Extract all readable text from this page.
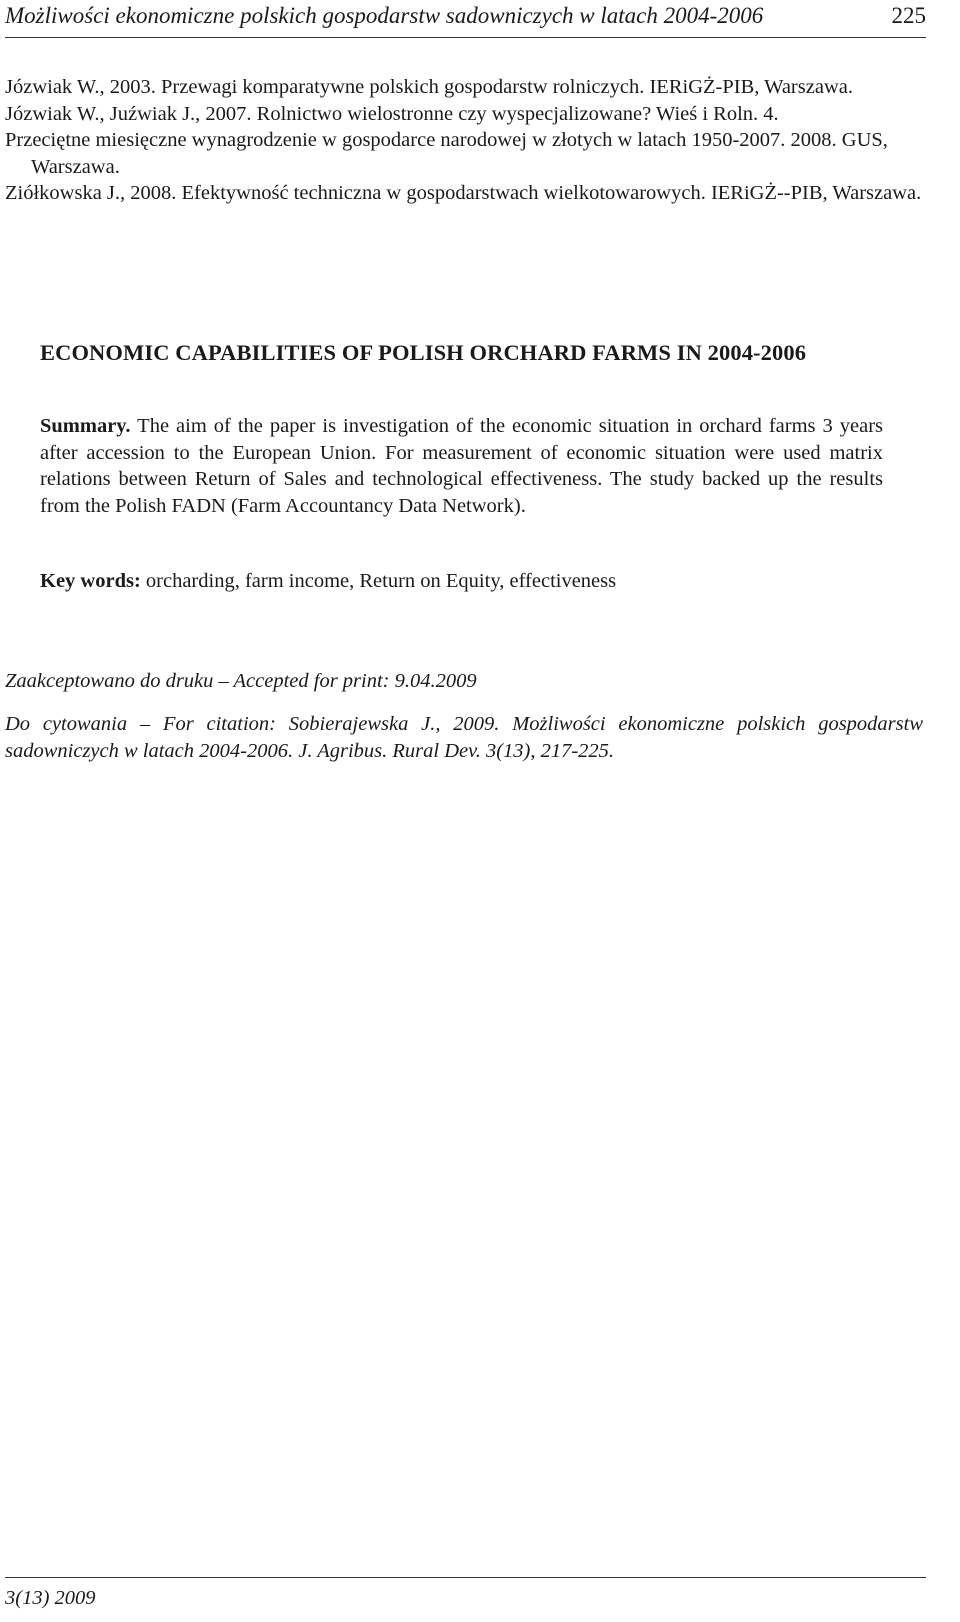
Możliwości ekonomiczne polskich gospodarstw sadowniczych w latach 2004-2006	225

Józwiak W., 2003. Przewagi komparatywne polskich gospodarstw rolniczych. IERiGŻ-PIB, Warszawa.

Józwiak W., Juźwiak J., 2007. Rolnictwo wielostronne czy wyspecjalizowane? Wieś i Roln. 4.

Przeciętne miesięczne wynagrodzenie w gospodarce narodowej w złotych w latach 1950-2007. 2008. GUS, Warszawa.

Ziółkowska J., 2008. Efektywność techniczna w gospodarstwach wielkotowarowych. IERiGŻ--PIB, Warszawa.

ECONOMIC CAPABILITIES OF POLISH ORCHARD FARMS IN 2004-2006

Summary. The aim of the paper is investigation of the economic situation in orchard farms 3 years after accession to the European Union. For measurement of economic situation were used matrix relations between Return of Sales and technological effectiveness. The study backed up the results from the Polish FADN (Farm Accountancy Data Network).

Key words: orcharding, farm income, Return on Equity, effectiveness

Zaakceptowano do druku – Accepted for print: 9.04.2009

Do cytowania – For citation: Sobierajewska J., 2009. Możliwości ekonomiczne polskich gospodarstw sadowniczych w latach 2004-2006. J. Agribus. Rural Dev. 3(13), 217-225.

3(13) 2009
